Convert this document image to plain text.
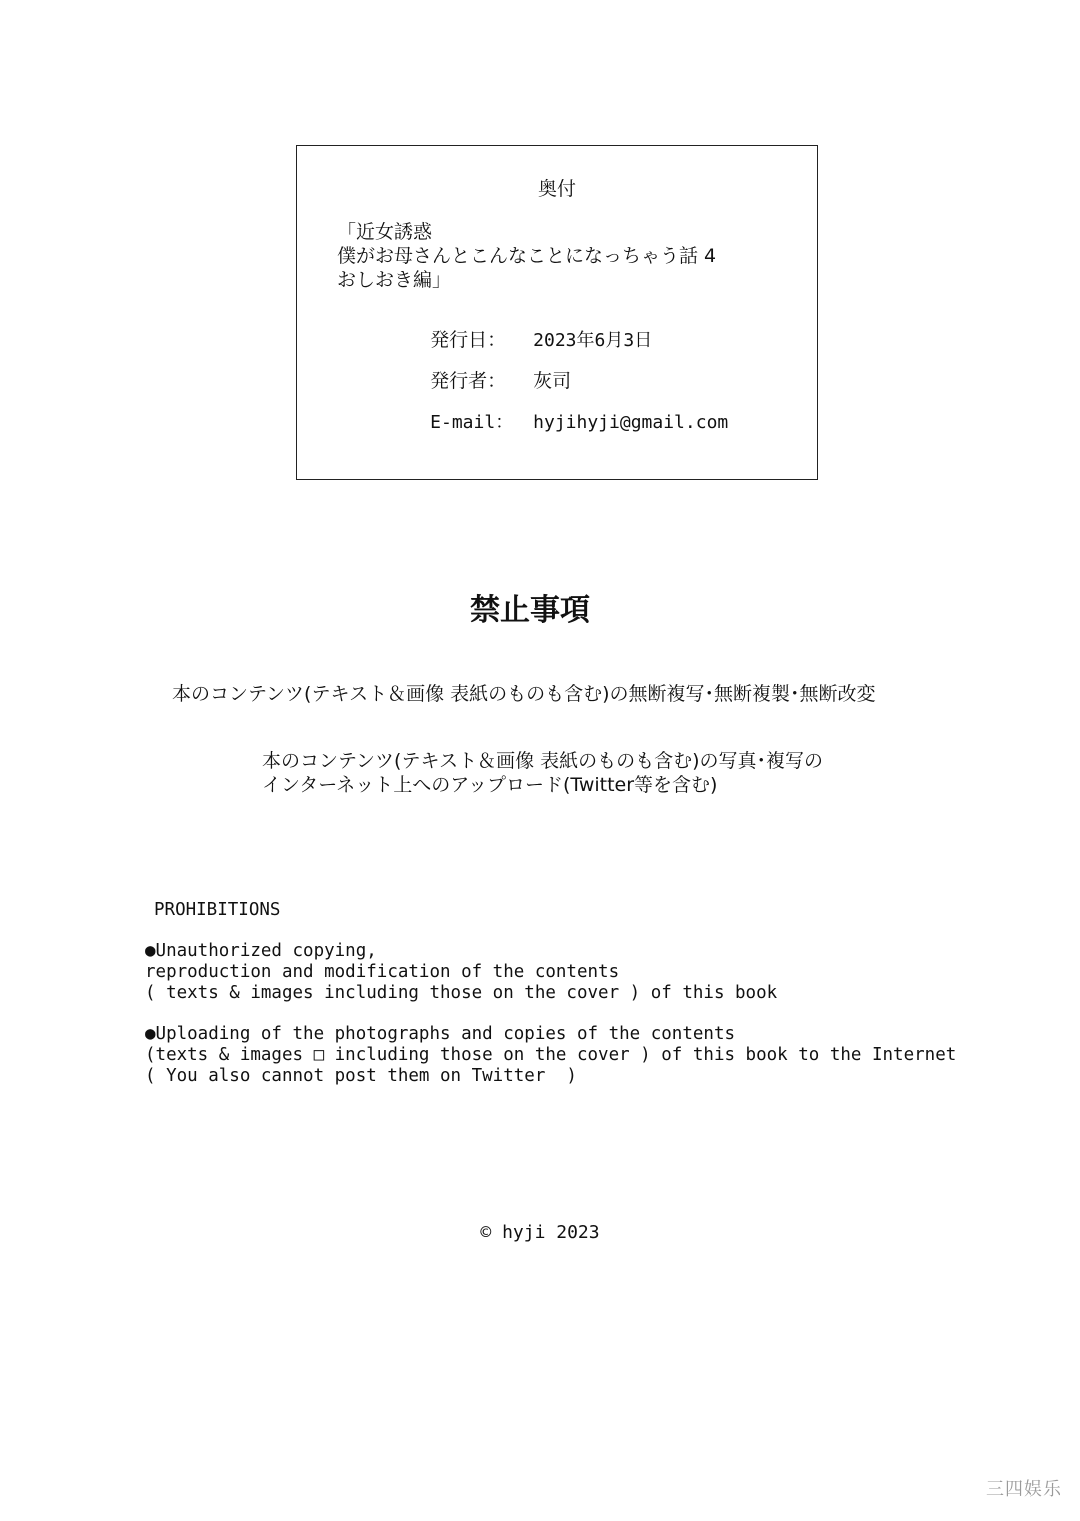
奥付
「近女誘惑
僕がお母さんとこんなことになっちゃう話 4
おしおき編」

発行日： 2023年6月3日

発行者： 灰司

E-mail： hyjihyji@gmail.com

禁止事項
本のコンテンツ(テキスト＆画像 表紙のものも含む)の無断複写･無断複製･無断改変
本のコンテンツ(テキスト＆画像 表紙のものも含む)の写真･複写の
インターネット上へのアップロード(Twitter等を含む)
PROHIBITIONS
●Unauthorized copying,
reproduction and modification of the contents
( texts & images including those on the cover ) of this book
●Uploading of the photographs and copies of the contents
(texts & images □ including those on the cover ) of this book to the Internet
( You also cannot post them on Twitter  )
© hyji 2023
三四娱乐
